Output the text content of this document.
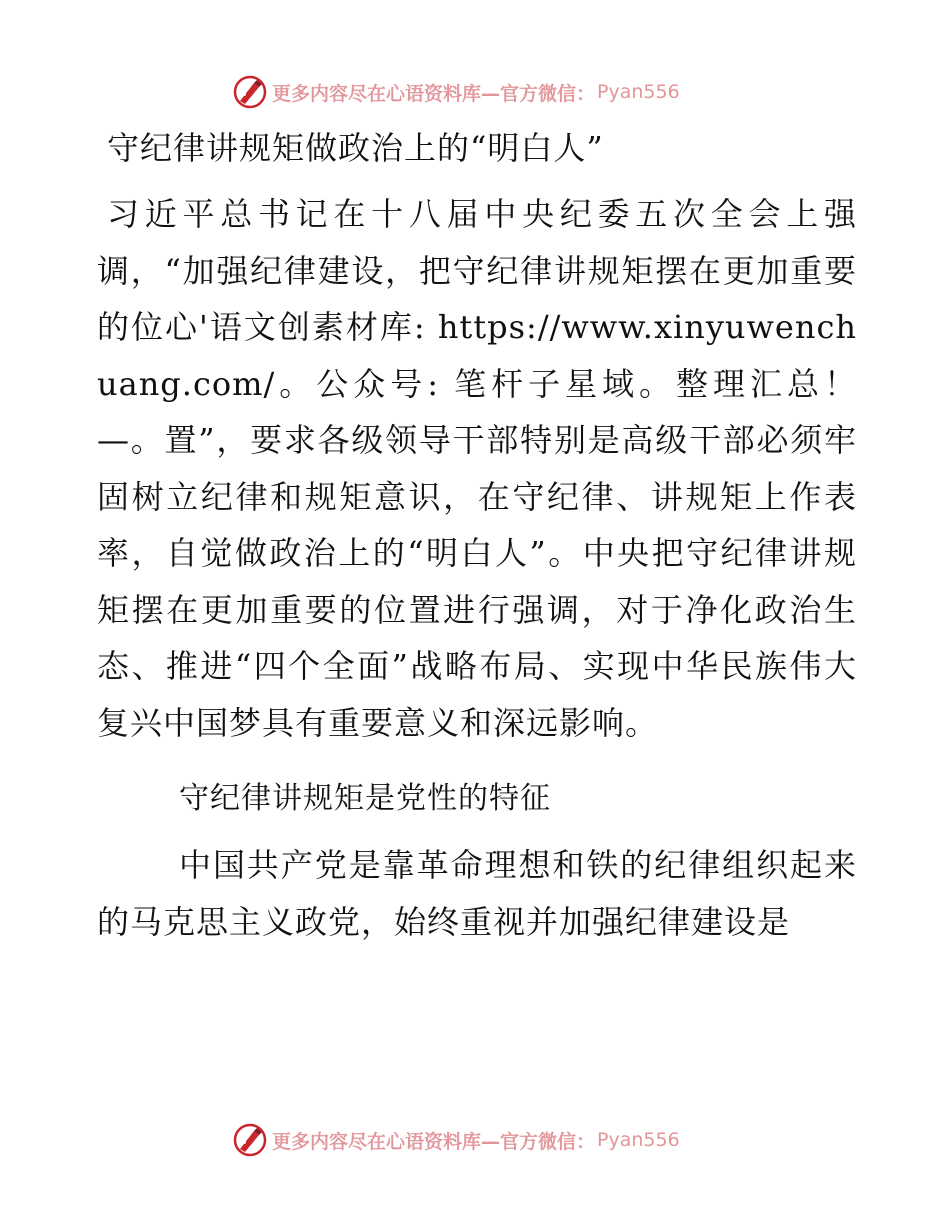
更多内容尽在心语资料库—官方微信： Pyan556
守纪律讲规矩做政治上的“明白人”

习近平总书记在十八届中央纪委五次全会上强调，“加强纪律建设，把守纪律讲规矩摆在更加重要的位心'语文创素材库: https://www.xinyuwenchuang.com/。公众号: 笔杆子星域。整理汇总！—。置”，要求各级领导干部特别是高级干部必须牢固树立纪律和规矩意识，在守纪律、讲规矩上作表率，自觉做政治上的“明白人”。中央把守纪律讲规矩摆在更加重要的位置进行强调，对于净化政治生态、推进“四个全面”战略布局、实现中华民族伟大复兴中国梦具有重要意义和深远影响。

守纪律讲规矩是党性的特征

中国共产党是靠革命理想和铁的纪律组织起来的马克思主义政党，始终重视并加强纪律建设是

更多内容尽在心语资料库—官方微信： Pyan556
